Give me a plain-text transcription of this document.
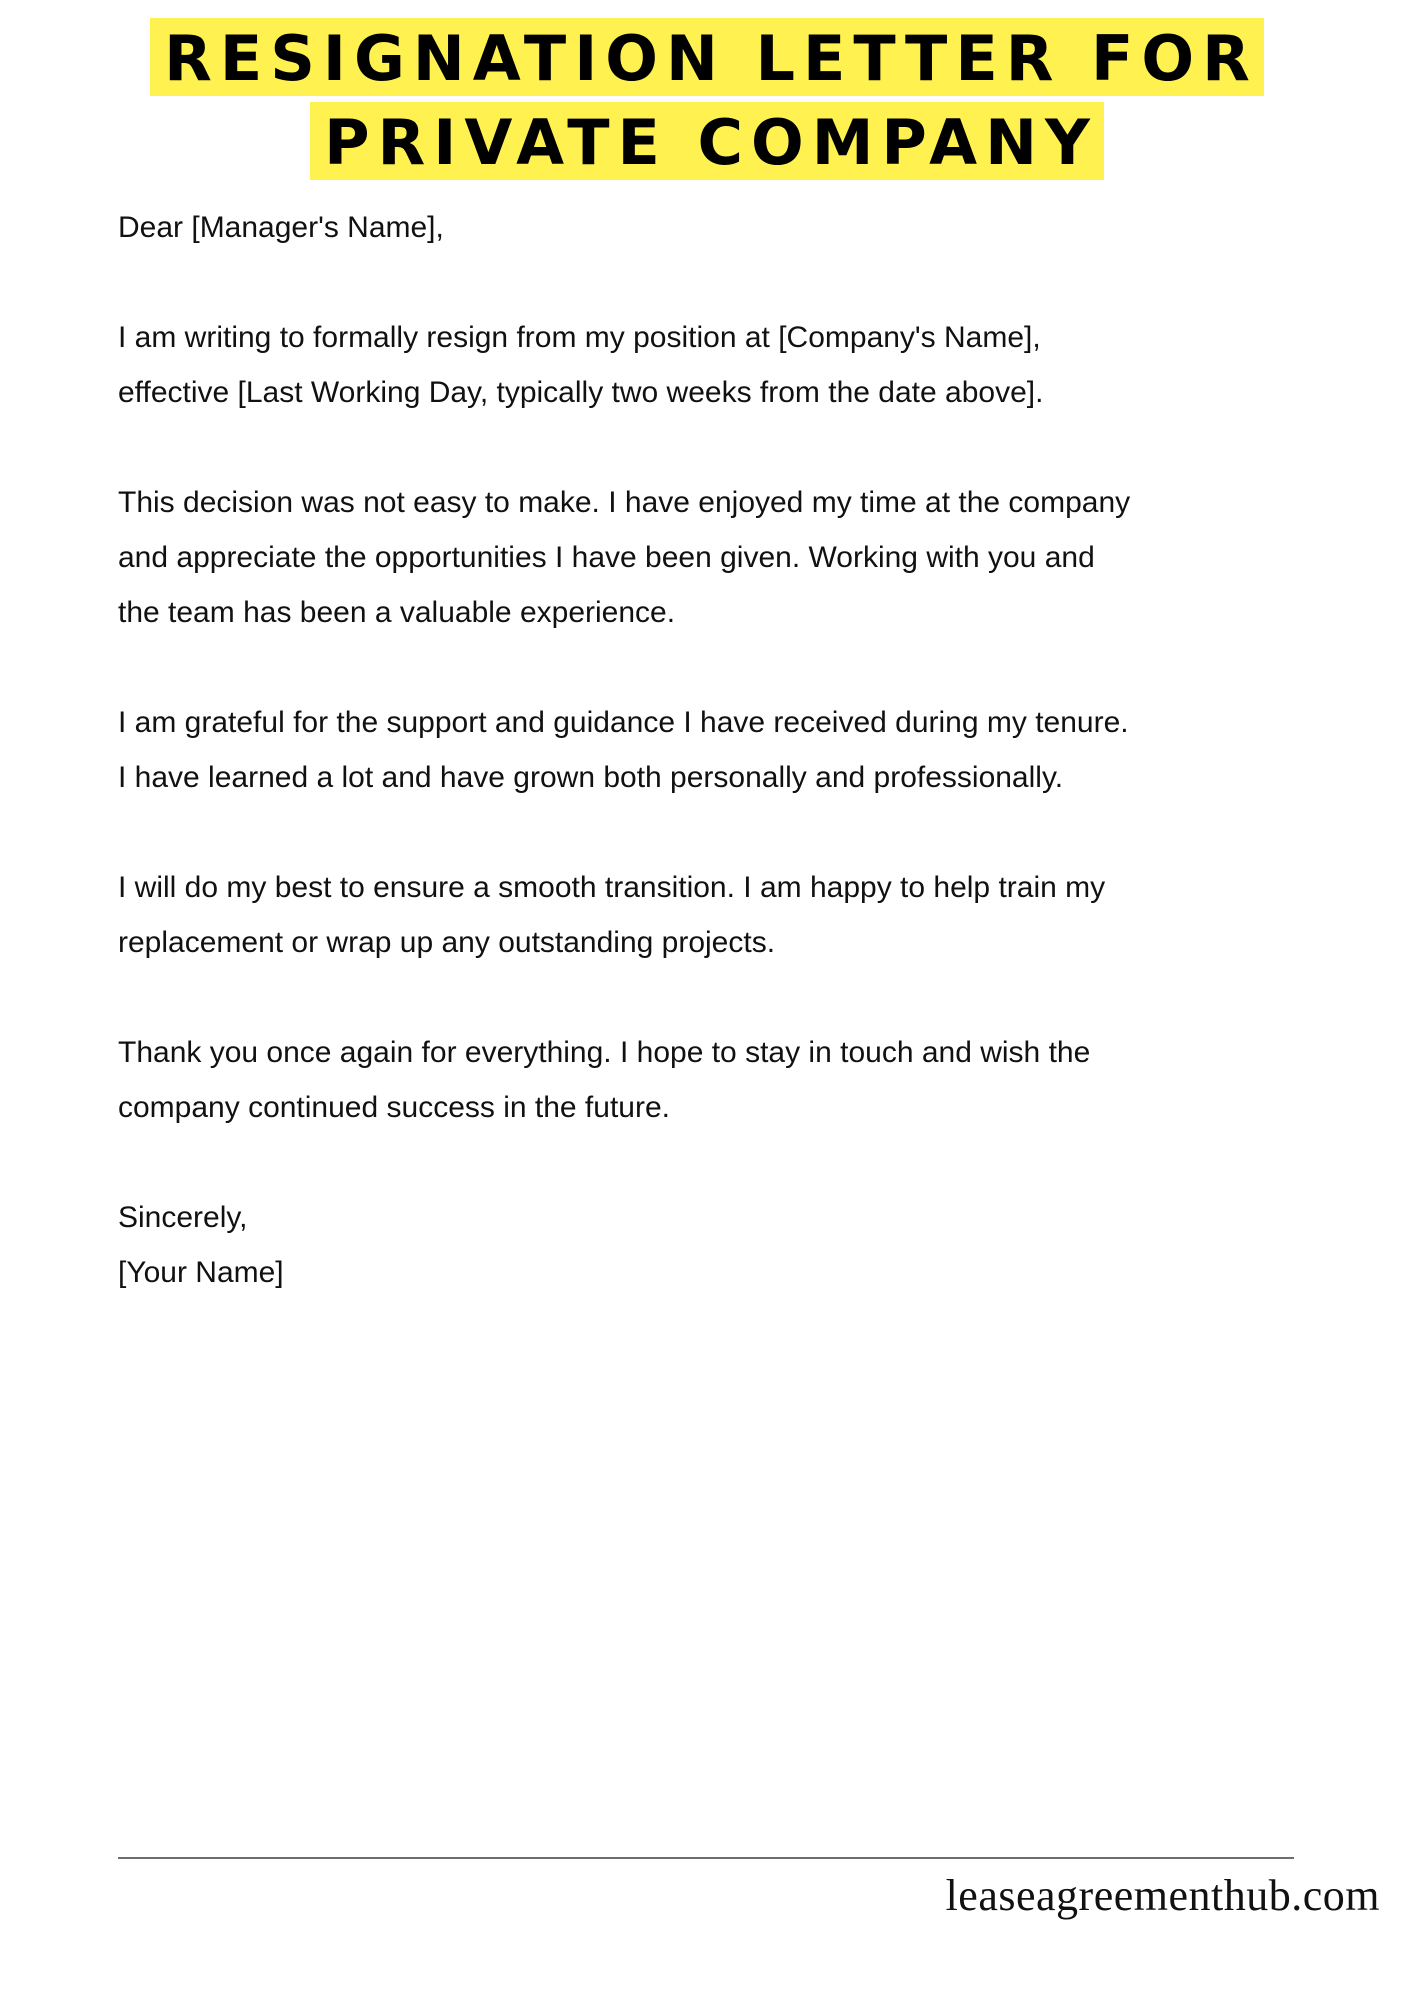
RESIGNATION LETTER FOR
PRIVATE COMPANY

Dear [Manager's Name],

I am writing to formally resign from my position at [Company's Name],
effective [Last Working Day, typically two weeks from the date above].

This decision was not easy to make. I have enjoyed my time at the company
and appreciate the opportunities I have been given. Working with you and
the team has been a valuable experience.

I am grateful for the support and guidance I have received during my tenure.
I have learned a lot and have grown both personally and professionally.

I will do my best to ensure a smooth transition. I am happy to help train my
replacement or wrap up any outstanding projects.

Thank you once again for everything. I hope to stay in touch and wish the
company continued success in the future.

Sincerely,

[Your Name]

leaseagreementhub.com
